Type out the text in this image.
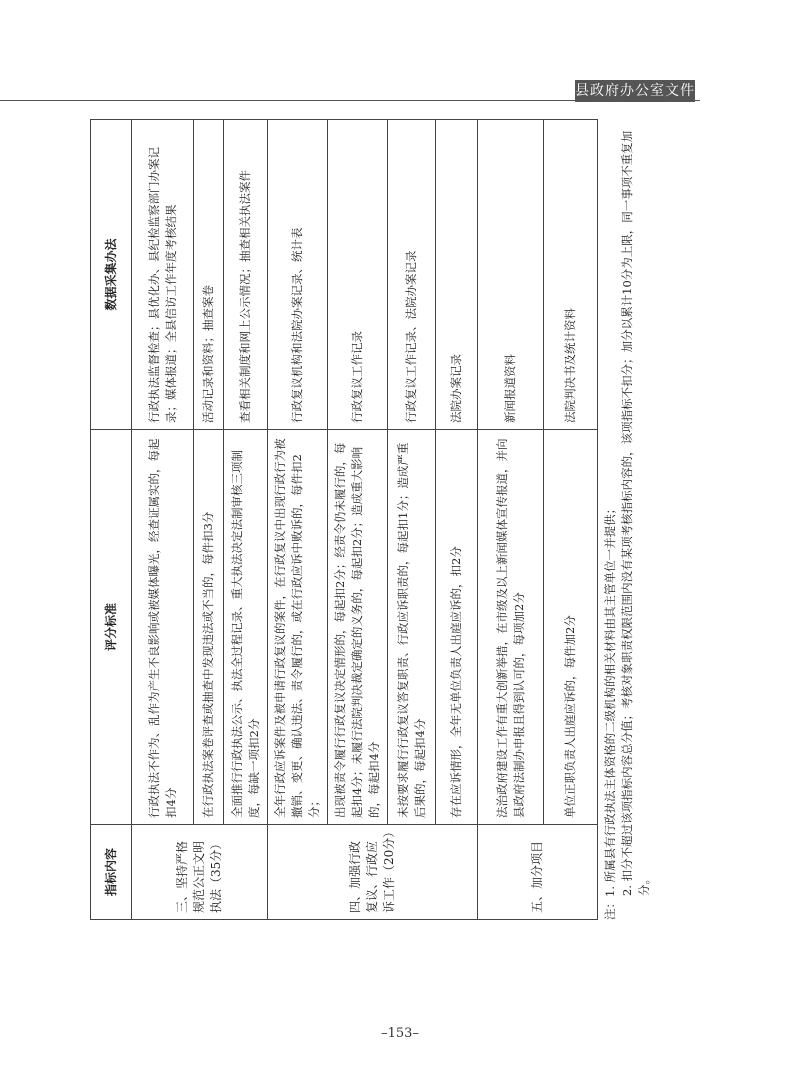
县政府办公室文件
指标内容	评分标准	数据采集办法
三、坚持严格规范公正文明执法（35分）	行政执法不作为、乱作为产生不良影响或被媒体曝光，经查证属实的，每起扣4分	行政执法监督检查；县优化办、县纪检监察部门办案记录；媒体报道；全县信访工作年度考核结果
	在行政执法案卷评查或抽查中发现违法或不当的，每件扣3分	活动记录和资料；抽查案卷
	全面推行行政执法公示、执法全过程记录、重大执法决定法制审核三项制度，每缺一项扣2分	查看相关制度和网上公示情况；抽查相关执法案件
四、加强行政复议、行政应诉工作（20分）	全年行政应诉案件及被申请行政复议的案件，在行政复议中出现行政行为被撤销、变更、确认违法、责令履行的，或在行政应诉中败诉的，每件扣2分；	行政复议机构和法院办案记录、统计表
	出现被责令履行行政复议决定情形的，每起扣2分；经责令仍未履行的，每起扣4分；未履行法院判决裁定确定的义务的，每起扣2分；造成重大影响的，每起扣4分	行政复议工作记录
	未按要求履行行政复议答复职责、行政应诉职责的，每起扣1分；造成严重后果的，每起扣4分	行政复议工作记录、法院办案记录
	存在应诉情形，全年无单位负责人出庭应诉的，扣2分	法院办案记录
五、加分项目	法治政府建设工作有重大创新举措，在市级及以上新闻媒体宣传报道，并向县政府法制办申报且得到认可的，每项加2分	新闻报道资料
	单位正职负责人出庭应诉的，每件加2分	法院判决书及统计资料
注：1. 所属县有行政执法主体资格的二级机构的相关材料由其主管单位一并提供； 2. 扣分不超过该项指标内容总分值；考核对象职责权限范围内没有某项考核指标内容的，该项指标不扣分；加分以累计10分为上限，同一事项不重复加分。
–153–
